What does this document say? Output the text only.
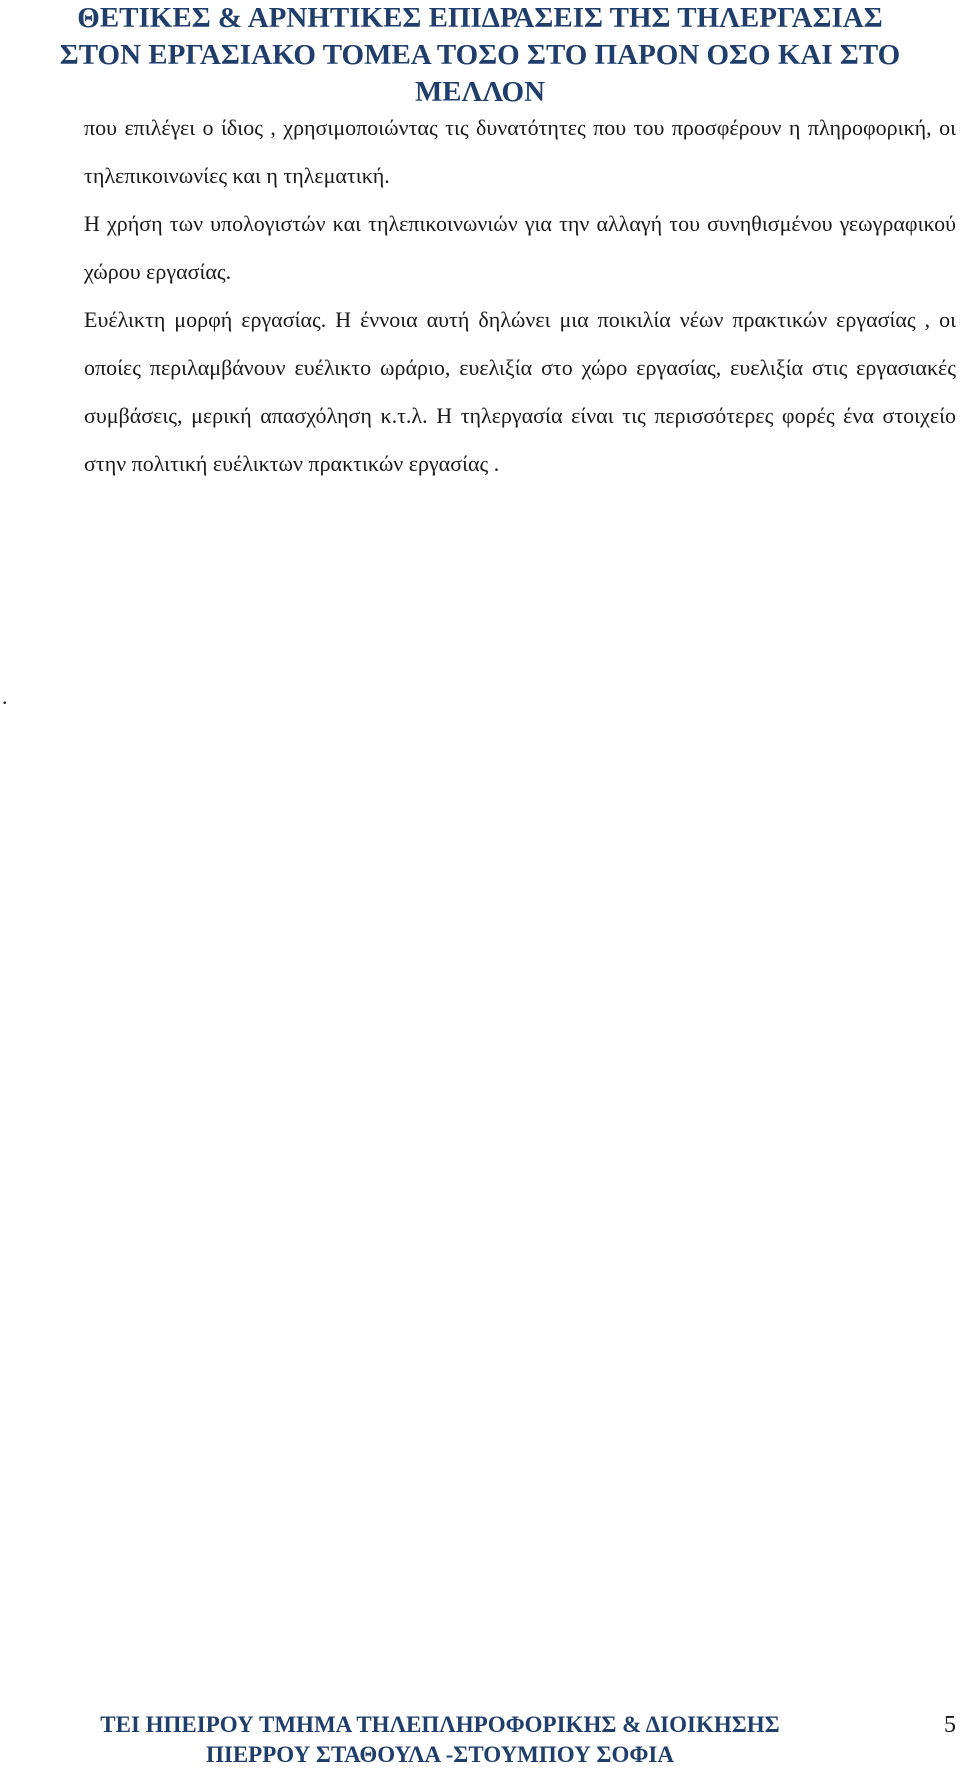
ΘΕΤΙΚΕΣ & ΑΡΝΗΤΙΚΕΣ ΕΠΙΔΡΑΣΕΙΣ ΤΗΣ ΤΗΛΕΡΓΑΣΙΑΣ
ΣΤΟΝ ΕΡΓΑΣΙΑΚΟ ΤΟΜΕΑ ΤΟΣΟ ΣΤΟ ΠΑΡΟΝ ΟΣΟ ΚΑΙ ΣΤΟ
ΜΕΛΛΟΝ

που επιλέγει ο ίδιος , χρησιμοποιώντας τις δυνατότητες που του προσφέρουν η πληροφορική, οι τηλεπικοινωνίες και η τηλεματική.

Η χρήση των υπολογιστών και τηλεπικοινωνιών για την αλλαγή του συνηθισμένου γεωγραφικού χώρου εργασίας.

Ευέλικτη μορφή εργασίας. Η έννοια αυτή δηλώνει μια ποικιλία νέων πρακτικών εργασίας , οι οποίες περιλαμβάνουν ευέλικτο ωράριο, ευελιξία στο χώρο εργασίας, ευελιξία στις εργασιακές συμβάσεις, μερική απασχόληση κ.τ.λ. Η τηλεργασία είναι τις περισσότερες φορές ένα στοιχείο στην πολιτική ευέλικτων πρακτικών εργασίας .

.
ΤΕΙ ΗΠΕΙΡΟΥ ΤΜΗΜΑ ΤΗΛΕΠΛΗΡΟΦΟΡΙΚΗΣ & ΔΙΟΙΚΗΣΗΣ
ΠΙΕΡΡΟΥ ΣΤΑΘΟΥΛΑ -ΣΤΟΥΜΠΟΥ ΣΟΦΙΑ
5
